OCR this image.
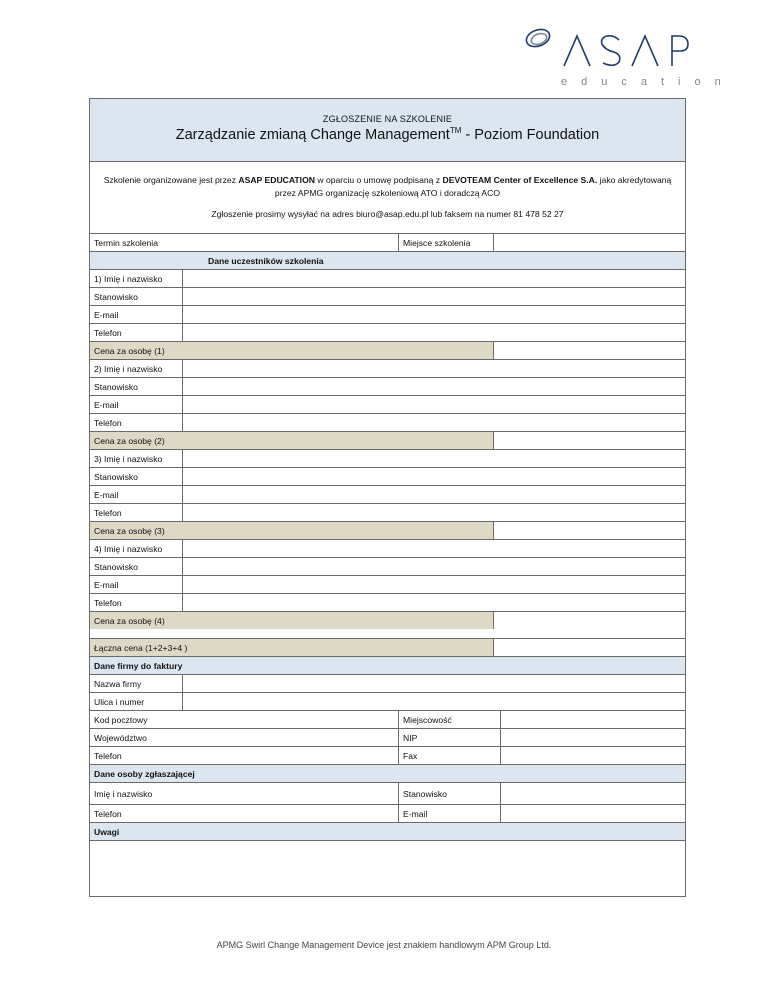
education
ZGŁOSZENIE NA SZKOLENIE
Zarządzanie zmianą Change Management™ - Poziom Foundation
Szkolenie organizowane jest przez ASAP EDUCATION w oparciu o umowę podpisaną z DEVOTEAM Center of Excellence S.A. jako akredytowaną przez APMG organizację szkoleniową ATO i doradczą ACO
Zgłoszenie prosimy wysyłać na adres biuro@asap.edu.pl lub faksem na numer 81 478 52 27
Termin szkolenia	Miejsce szkolenia
Dane uczestników szkolenia
1) Imię i nazwisko
Stanowisko
E-mail
Telefon
Cena za osobę (1)
2) Imię i nazwisko
Stanowisko
E-mail
Telefon
Cena za osobę (2)
3) Imię i nazwisko
Stanowisko
E-mail
Telefon
Cena za osobę (3)
4) Imię i nazwisko
Stanowisko
E-mail
Telefon
Cena za osobę (4)
Łączna cena (1+2+3+4 )
Dane firmy do faktury
Nazwa firmy
Ulica i numer
Kod pocztowy	Miejscowość
Województwo	NIP
Telefon	Fax
Dane osoby zgłaszającej
Imię i nazwisko	Stanowisko
Telefon	E-mail
Uwagi
APMG Swirl Change Management Device jest znakiem handlowym APM Group Ltd.
